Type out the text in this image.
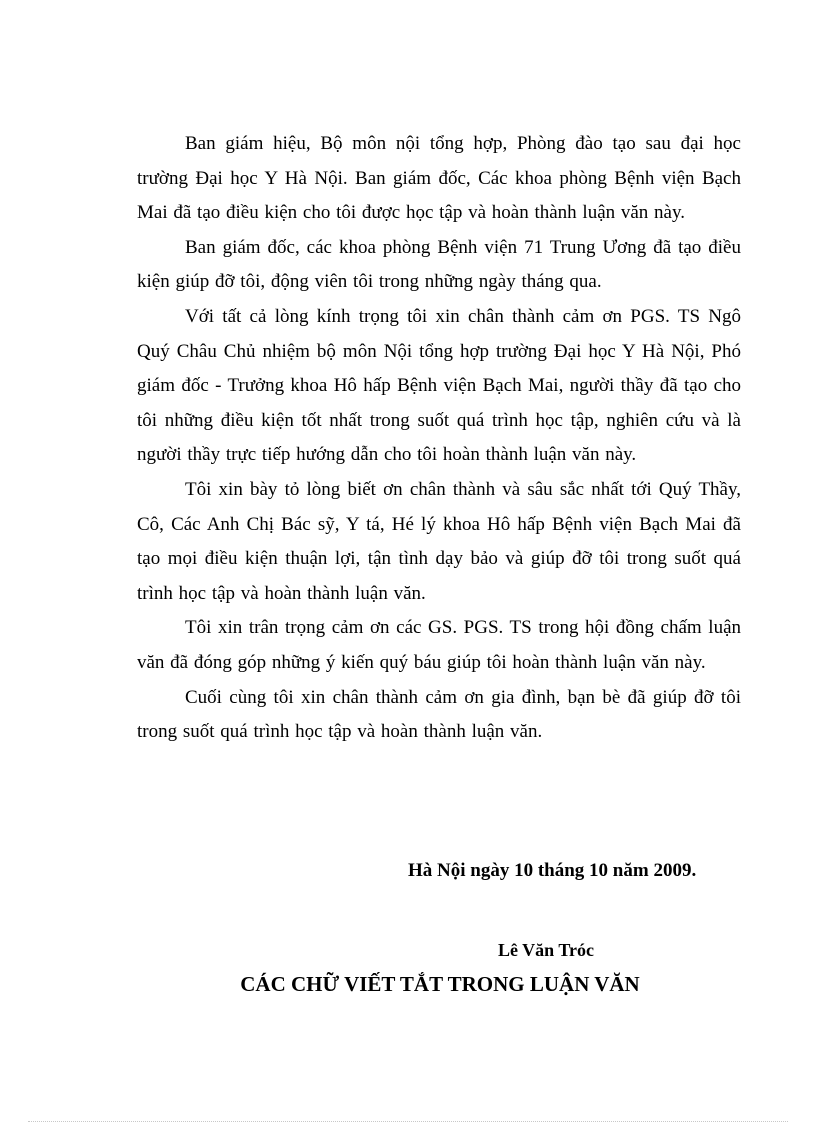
Ban giám hiệu, Bộ môn nội tổng hợp, Phòng đào tạo sau đại học trường Đại học Y Hà Nội. Ban giám đốc, Các khoa phòng Bệnh viện Bạch Mai đã tạo điều kiện cho tôi được học tập và hoàn thành luận văn này.

Ban giám đốc, các khoa phòng Bệnh viện 71 Trung Ương đã tạo điều kiện giúp đỡ tôi, động viên tôi trong những ngày tháng qua.

Với tất cả lòng kính trọng tôi xin chân thành cảm ơn PGS. TS Ngô Quý Châu Chủ nhiệm bộ môn Nội tổng hợp trường Đại học Y Hà Nội, Phó giám đốc - Trưởng khoa Hô hấp Bệnh viện Bạch Mai, người thầy đã tạo cho tôi những điều kiện tốt nhất trong suốt quá trình học tập, nghiên cứu và là người thầy trực tiếp hướng dẫn cho tôi hoàn thành luận văn này.

Tôi xin bày tỏ lòng biết ơn chân thành và sâu sắc nhất tới Quý Thầy, Cô, Các Anh Chị Bác sỹ, Y tá, Hé lý khoa Hô hấp Bệnh viện Bạch Mai đã tạo mọi điều kiện thuận lợi, tận tình dạy bảo và giúp đỡ tôi trong suốt quá trình học tập và hoàn thành luận văn.

Tôi xin trân trọng cảm ơn các GS. PGS. TS trong hội đồng chấm luận văn đã đóng góp những ý kiến quý báu giúp tôi hoàn thành luận văn này.

Cuối cùng tôi xin chân thành cảm ơn gia đình, bạn bè đã giúp đỡ tôi trong suốt quá trình học tập và hoàn thành luận văn.

Hà Nội ngày 10 tháng 10 năm 2009.
Lê Văn Tróc
CÁC CHỮ VIẾT TẮT TRONG LUẬN VĂN
